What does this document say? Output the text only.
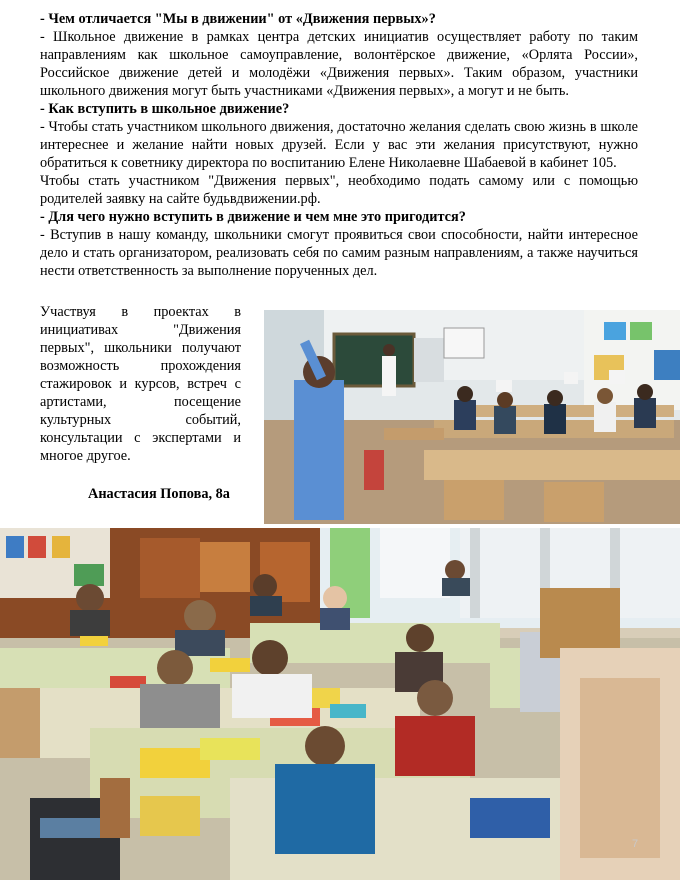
- Чем отличается "Мы в движении" от «Движения первых»?

- Школьное движение в рамках центра детских инициатив осуществляет работу по таким направлениям как школьное самоуправление, волонтёрское движение, «Орлята России», Российское движение детей и молодёжи «Движения первых». Таким образом, участники школьного движения могут быть участниками «Движения первых», а могут и не быть.

- Как вступить в школьное движение?

- Чтобы стать участником школьного движения, достаточно желания сделать свою жизнь в школе интереснее и желание найти новых друзей. Если у вас эти желания присутствуют, нужно обратиться к советнику директора по воспитанию Елене Николаевне Шабаевой в кабинет 105.

Чтобы стать участником "Движения первых", необходимо подать самому или с помощью родителей заявку на сайте будьвдвижении.рф.

- Для чего нужно вступить в движение и чем мне это пригодится?

- Вступив в нашу команду, школьники смогут проявиться свои способности, найти интересное дело и стать организатором, реализовать себя по самим разным направлениям, а также научиться нести ответственность за выполнение порученных дел.

Участвуя в проектах в инициативах "Движения первых", школьники получают возможность прохождения стажировок и курсов, встреч с артистами, посещение культурных событий, консультации с экспертами и многое другое.

Анастасия Попова, 8а
7
